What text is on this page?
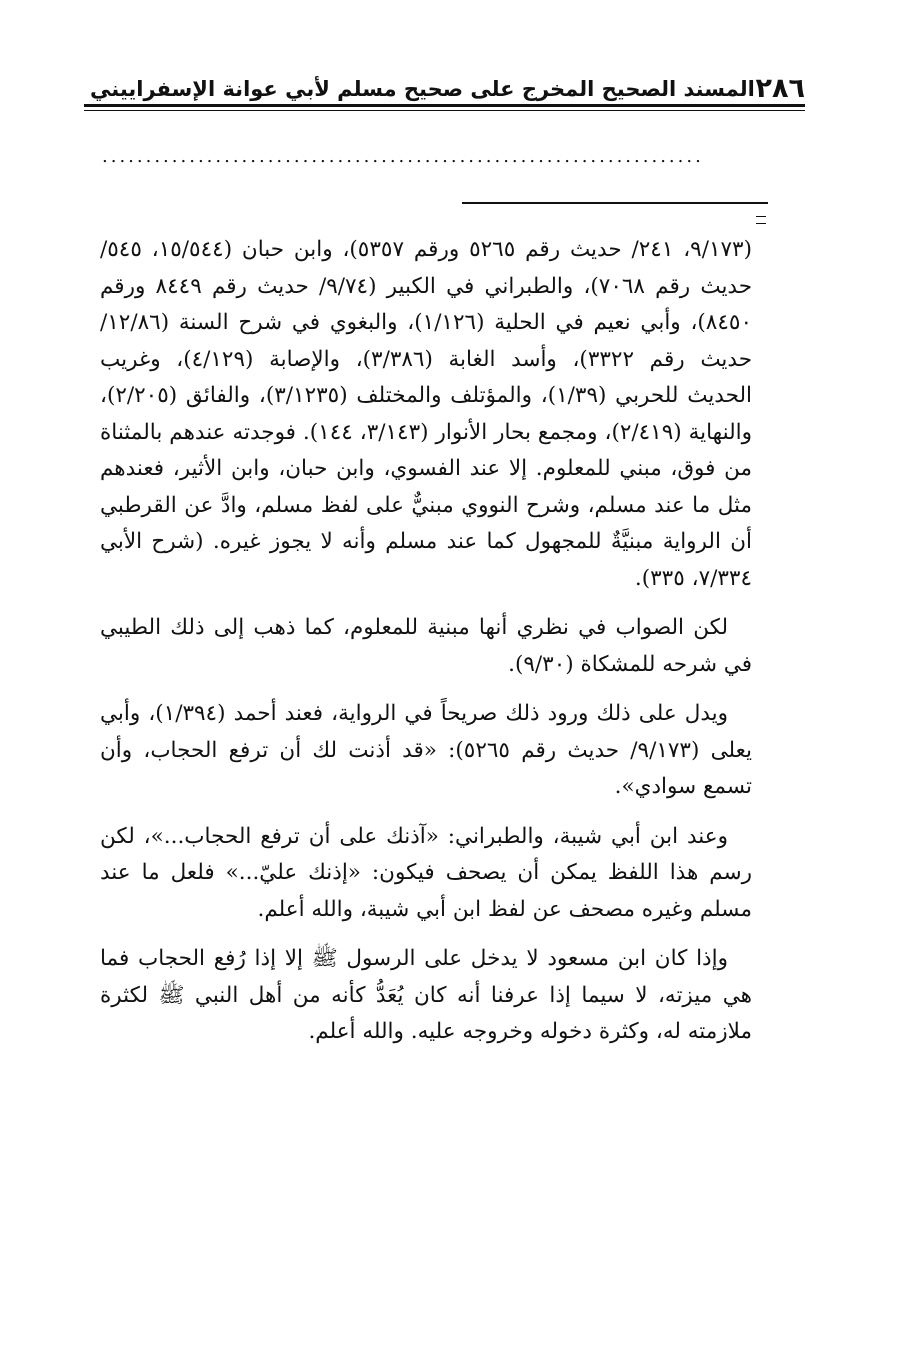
٢٨٦
المسند الصحيح المخرج على صحيح مسلم لأبي عوانة الإسفراييني
.....................................................................

(٩/١٧٣، ٢٤١/ حديث رقم ٥٢٦٥ ورقم ٥٣٥٧)، وابن حبان (١٥/٥٤٤، ٥٤٥/ حديث رقم ٧٠٦٨)، والطبراني في الكبير (٩/٧٤/ حديث رقم ٨٤٤٩ ورقم ٨٤٥٠)، وأبي نعيم في الحلية (١/١٢٦)، والبغوي في شرح السنة (١٢/٨٦/ حديث رقم ٣٣٢٢)، وأسد الغابة (٣/٣٨٦)، والإصابة (٤/١٢٩)، وغريب الحديث للحربي (١/٣٩)، والمؤتلف والمختلف (٣/١٢٣٥)، والفائق (٢/٢٠٥)، والنهاية (٢/٤١٩)، ومجمع بحار الأنوار (٣/١٤٣، ١٤٤). فوجدته عندهم بالمثناة من فوق، مبني للمعلوم. إلا عند الفسوي، وابن حبان، وابن الأثير، فعندهم مثل ما عند مسلم، وشرح النووي مبنيٌّ على لفظ مسلم، وادَّ عن القرطبي أن الرواية مبنيَّةٌ للمجهول كما عند مسلم وأنه لا يجوز غيره. (شرح الأبي ٧/٣٣٤، ٣٣٥).

لكن الصواب في نظري أنها مبنية للمعلوم، كما ذهب إلى ذلك الطيبي في شرحه للمشكاة (٩/٣٠).

ويدل على ذلك ورود ذلك صريحاً في الرواية، فعند أحمد (١/٣٩٤)، وأبي يعلى (٩/١٧٣/ حديث رقم ٥٢٦٥): «قد أذنت لك أن ترفع الحجاب، وأن تسمع سوادي».

وعند ابن أبي شيبة، والطبراني: «آذنك على أن ترفع الحجاب...»، لكن رسم هذا اللفظ يمكن أن يصحف فيكون: «إذنك عليّ...» فلعل ما عند مسلم وغيره مصحف عن لفظ ابن أبي شيبة، والله أعلم.

وإذا كان ابن مسعود لا يدخل على الرسول ﷺ إلا إذا رُفع الحجاب فما هي ميزته، لا سيما إذا عرفنا أنه كان يُعَدُّ كأنه من أهل النبي ﷺ لكثرة ملازمته له، وكثرة دخوله وخروجه عليه. والله أعلم.
